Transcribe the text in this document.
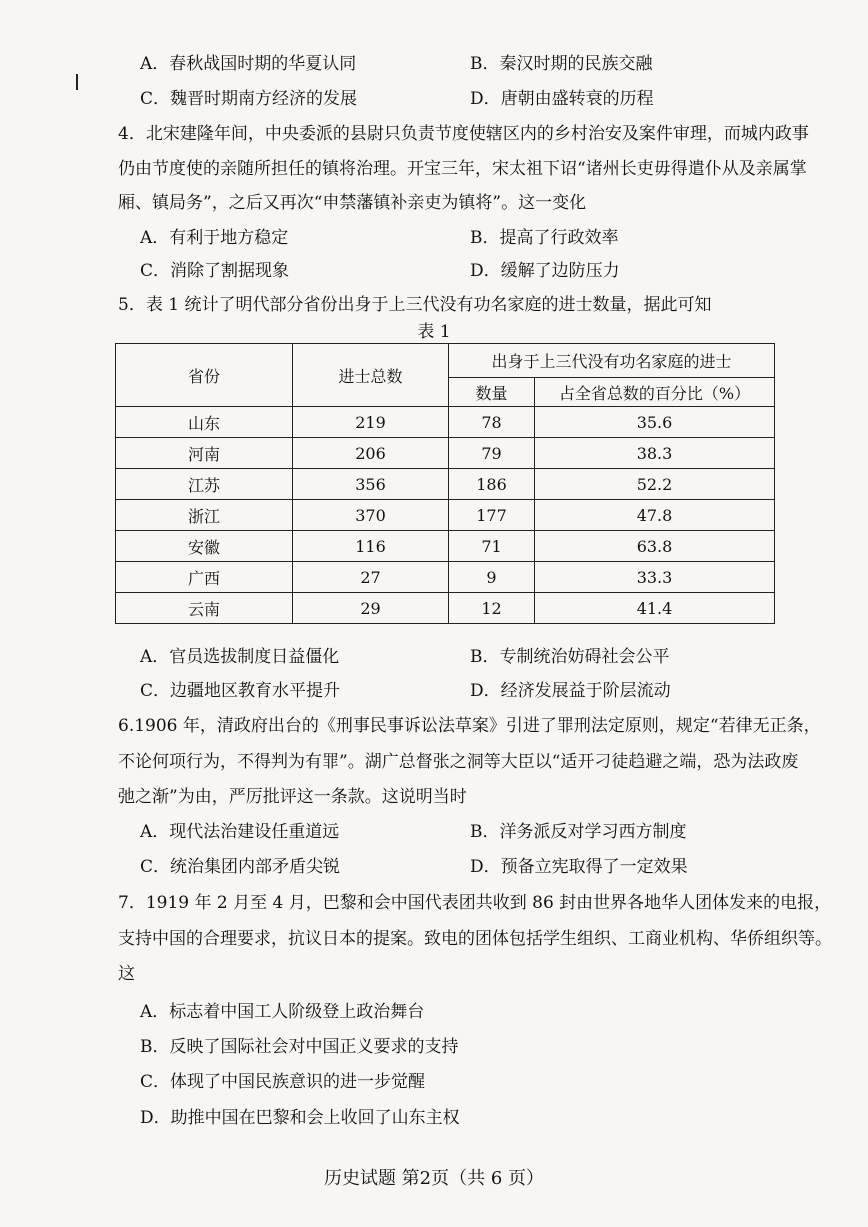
A．春秋战国时期的华夏认同	B．秦汉时期的民族交融
C．魏晋时期南方经济的发展	D．唐朝由盛转衰的历程
4．北宋建隆年间，中央委派的县尉只负责节度使辖区内的乡村治安及案件审理，而城内政事
仍由节度使的亲随所担任的镇将治理。开宝三年，宋太祖下诏“诸州长吏毋得遣仆从及亲属掌
厢、镇局务”，之后又再次“申禁藩镇补亲吏为镇将”。这一变化
A．有利于地方稳定	B．提高了行政效率
C．消除了割据现象	D．缓解了边防压力
5．表 1 统计了明代部分省份出身于上三代没有功名家庭的进士数量，据此可知
表 1
省份	进士总数	出身于上三代没有功名家庭的进士	
		数量	占全省总数的百分比（%）
山东	219	78	35.6
河南	206	79	38.3
江苏	356	186	52.2
浙江	370	177	47.8
安徽	116	71	63.8
广西	27	9	33.3
云南	29	12	41.4
A．官员选拔制度日益僵化	B．专制统治妨碍社会公平
C．边疆地区教育水平提升	D．经济发展益于阶层流动
6.1906 年，清政府出台的《刑事民事诉讼法草案》引进了罪刑法定原则，规定“若律无正条，
不论何项行为，不得判为有罪”。湖广总督张之洞等大臣以“适开刁徒趋避之端，恐为法政废
弛之渐”为由，严厉批评这一条款。这说明当时
A．现代法治建设任重道远	B．洋务派反对学习西方制度
C．统治集团内部矛盾尖锐	D．预备立宪取得了一定效果
7．1919 年 2 月至 4 月，巴黎和会中国代表团共收到 86 封由世界各地华人团体发来的电报，
支持中国的合理要求，抗议日本的提案。致电的团体包括学生组织、工商业机构、华侨组织等。
这
A．标志着中国工人阶级登上政治舞台
B．反映了国际社会对中国正义要求的支持
C．体现了中国民族意识的进一步觉醒
D．助推中国在巴黎和会上收回了山东主权
历史试题 第2页（共 6 页）
